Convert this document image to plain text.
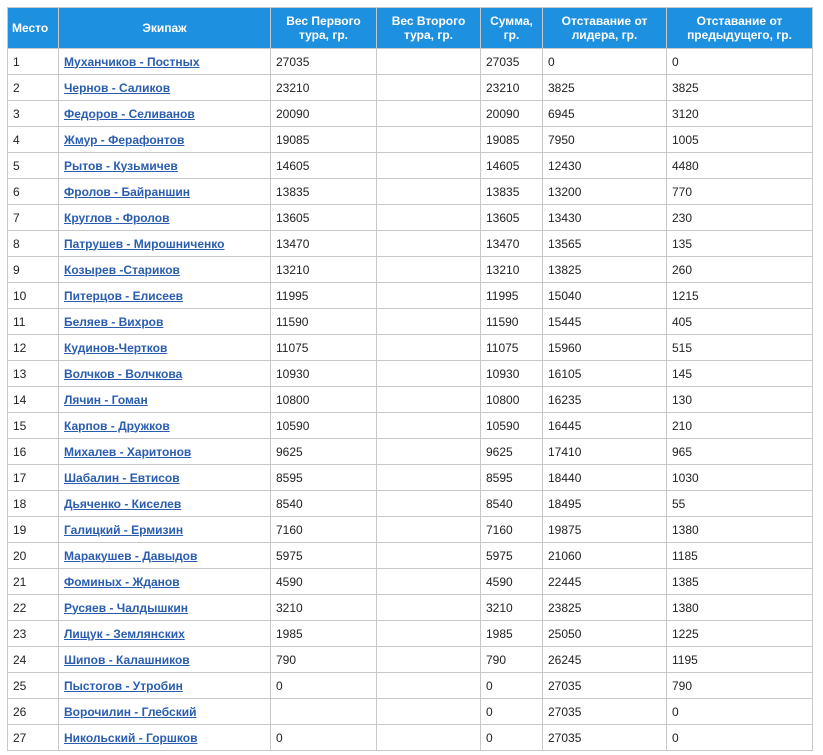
Место	Экипаж	Вес Первого тура, гр.	Вес Второго тура, гр.	Сумма, гр.	Отставание от лидера, гр.	Отставание от предыдущего, гр.
1	Муханчиков - Постных	27035		27035	0	0
2	Чернов - Саликов	23210		23210	3825	3825
3	Федоров - Селиванов	20090		20090	6945	3120
4	Жмур - Ферафонтов	19085		19085	7950	1005
5	Рытов - Кузьмичев	14605		14605	12430	4480
6	Фролов - Байраншин	13835		13835	13200	770
7	Круглов - Фролов	13605		13605	13430	230
8	Патрушев - Мирошниченко	13470		13470	13565	135
9	Козырев -Стариков	13210		13210	13825	260
10	Питерцов - Елисеев	11995		11995	15040	1215
11	Беляев - Вихров	11590		11590	15445	405
12	Кудинов-Чертков	11075		11075	15960	515
13	Волчков - Волчкова	10930		10930	16105	145
14	Лячин - Гоман	10800		10800	16235	130
15	Карпов - Дружков	10590		10590	16445	210
16	Михалев - Харитонов	9625		9625	17410	965
17	Шабалин - Евтисов	8595		8595	18440	1030
18	Дьяченко - Киселев	8540		8540	18495	55
19	Галицкий - Ермизин	7160		7160	19875	1380
20	Маракушев - Давыдов	5975		5975	21060	1185
21	Фоминых - Жданов	4590		4590	22445	1385
22	Русяев - Чалдышкин	3210		3210	23825	1380
23	Лищук - Землянских	1985		1985	25050	1225
24	Шипов - Калашников	790		790	26245	1195
25	Пыстогов - Утробин	0		0	27035	790
26	Ворочилин - Глебский			0	27035	0
27	Никольский - Горшков	0		0	27035	0
